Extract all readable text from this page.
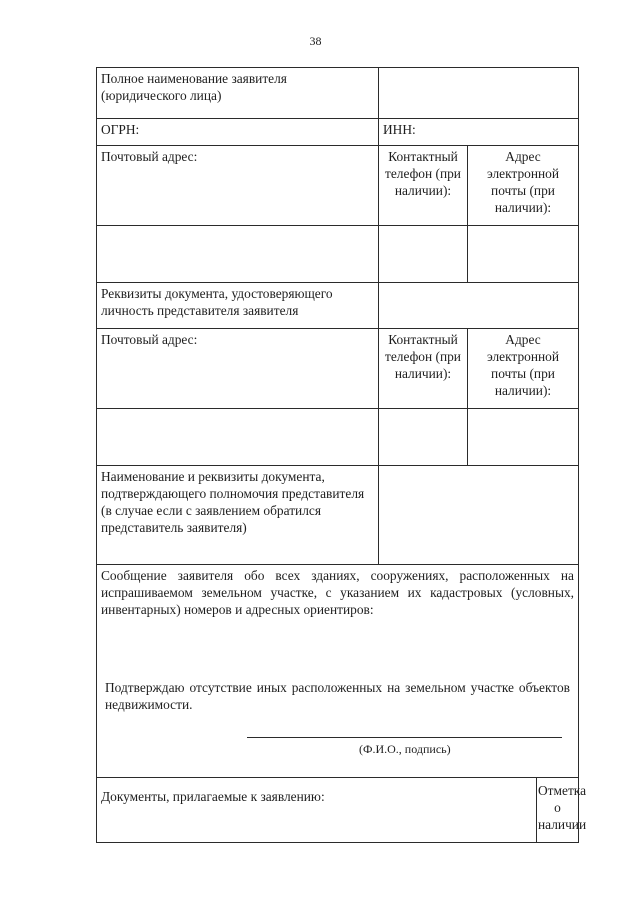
38
Полное наименование заявителя (юридического лица)			
ОГРН:	ИНН:		
Почтовый адрес:	Контактный телефон (при наличии):	Адрес электронной почты (при наличии):	

Реквизиты документа, удостоверяющего личность представителя заявителя			
Почтовый адрес:	Контактный телефон (при наличии):	Адрес электронной почты (при наличии):	

Наименование и реквизиты документа, подтверждающего полномочия представителя
(в случае если с заявлением обратился представитель заявителя)			

Сообщение заявителя обо всех зданиях, сооружениях, расположенных на испрашиваемом земельном участке, с указанием их кадастровых (условных, инвентарных) номеров и адресных ориентиров:
Подтверждаю отсутствие иных расположенных на земельном участке объектов недвижимости.
(Ф.И.О., подпись)			

Документы, прилагаемые к заявлению:			Отметка о наличии
